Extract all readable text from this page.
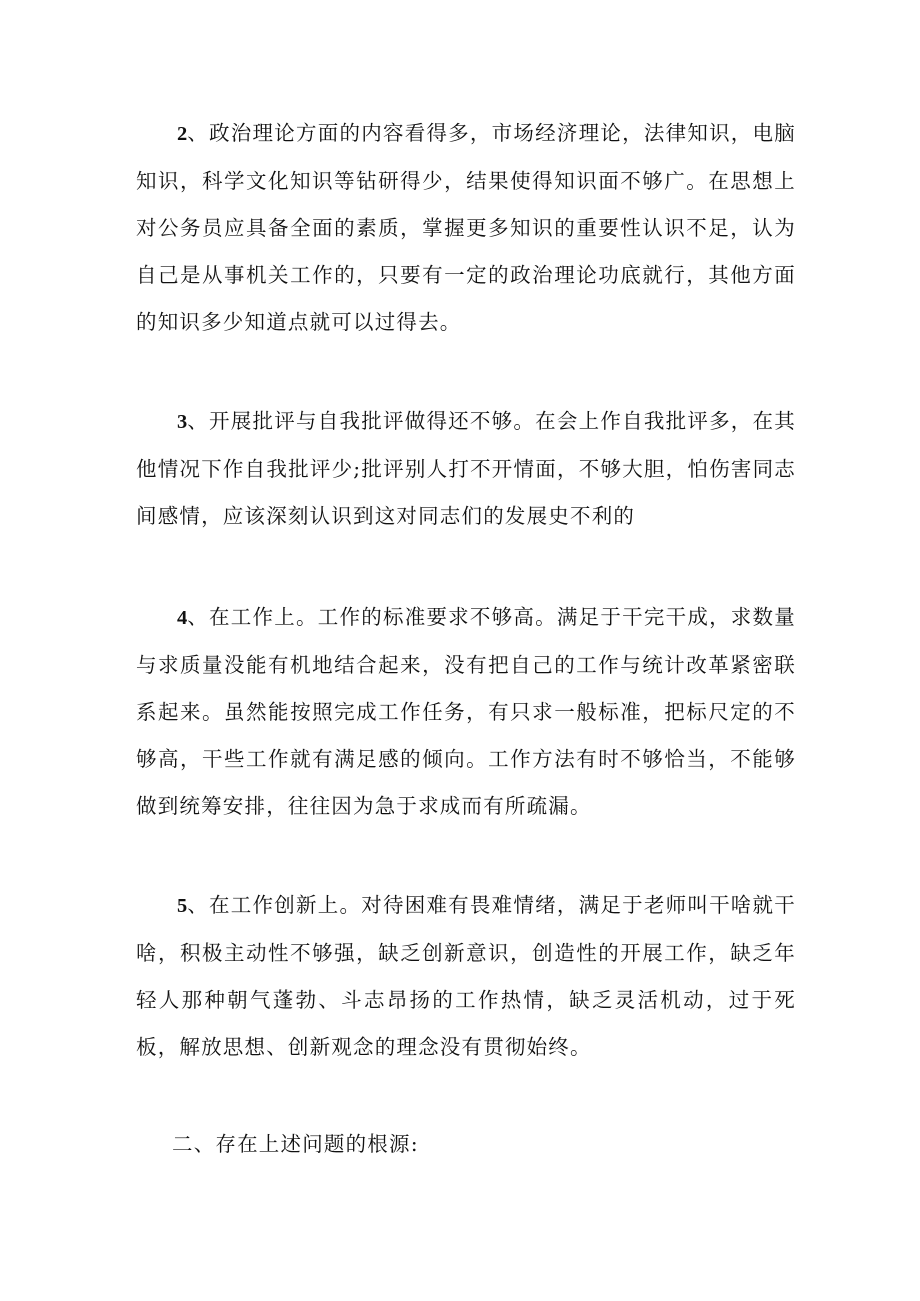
2、政治理论方面的内容看得多，市场经济理论，法律知识，电脑知识，科学文化知识等钻研得少，结果使得知识面不够广。在思想上对公务员应具备全面的素质，掌握更多知识的重要性认识不足，认为自己是从事机关工作的，只要有一定的政治理论功底就行，其他方面的知识多少知道点就可以过得去。

3、开展批评与自我批评做得还不够。在会上作自我批评多，在其他情况下作自我批评少;批评别人打不开情面，不够大胆，怕伤害同志间感情，应该深刻认识到这对同志们的发展史不利的

4、在工作上。工作的标准要求不够高。满足于干完干成，求数量与求质量没能有机地结合起来，没有把自己的工作与统计改革紧密联系起来。虽然能按照完成工作任务，有只求一般标准，把标尺定的不够高，干些工作就有满足感的倾向。工作方法有时不够恰当，不能够做到统筹安排，往往因为急于求成而有所疏漏。

5、在工作创新上。对待困难有畏难情绪，满足于老师叫干啥就干啥，积极主动性不够强，缺乏创新意识，创造性的开展工作，缺乏年轻人那种朝气蓬勃、斗志昂扬的工作热情，缺乏灵活机动，过于死板，解放思想、创新观念的理念没有贯彻始终。

二、存在上述问题的根源:
